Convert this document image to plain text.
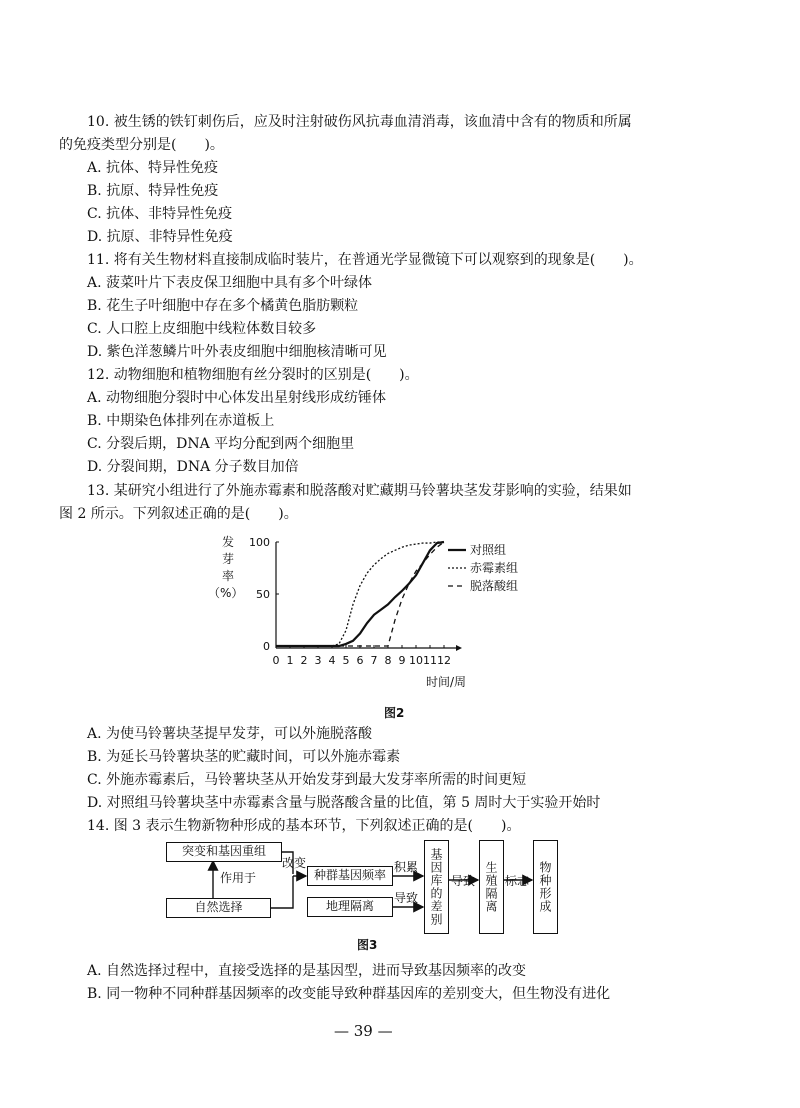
10. 被生锈的铁钉刺伤后，应及时注射破伤风抗毒血清消毒，该血清中含有的物质和所属
的免疫类型分别是(　　)。
A. 抗体、特异性免疫
B. 抗原、特异性免疫
C. 抗体、非特异性免疫
D. 抗原、非特异性免疫
11. 将有关生物材料直接制成临时装片，在普通光学显微镜下可以观察到的现象是(　　)。
A. 菠菜叶片下表皮保卫细胞中具有多个叶绿体
B. 花生子叶细胞中存在多个橘黄色脂肪颗粒
C. 人口腔上皮细胞中线粒体数目较多
D. 紫色洋葱鳞片叶外表皮细胞中细胞核清晰可见
12. 动物细胞和植物细胞有丝分裂时的区别是(　　)。
A. 动物细胞分裂时中心体发出星射线形成纺锤体
B. 中期染色体排列在赤道板上
C. 分裂后期，DNA 平均分配到两个细胞里
D. 分裂间期，DNA 分子数目加倍
13. 某研究小组进行了外施赤霉素和脱落酸对贮藏期马铃薯块茎发芽影响的实验，结果如
图 2 所示。下列叙述正确的是(　　)。
发
芽
率
（%）
0
50
100
0 1 2 3 4 5 6 7 8 9 10 11 12
时间/周
对照组
赤霉素组
脱落酸组
图2
A. 为使马铃薯块茎提早发芽，可以外施脱落酸
B. 为延长马铃薯块茎的贮藏时间，可以外施赤霉素
C. 外施赤霉素后，马铃薯块茎从开始发芽到最大发芽率所需的时间更短
D. 对照组马铃薯块茎中赤霉素含量与脱落酸含量的比值，第 5 周时大于实验开始时
14. 图 3 表示生物新物种形成的基本环节，下列叙述正确的是(　　)。
突变和基因重组
自然选择
作用于
改变
种群基因频率
地理隔离
积累
导致 基因库的差别 导致 生殖隔离 标志 物种形成
图3
A. 自然选择过程中，直接受选择的是基因型，进而导致基因频率的改变
B. 同一物种不同种群基因频率的改变能导致种群基因库的差别变大，但生物没有进化
— 39 —
